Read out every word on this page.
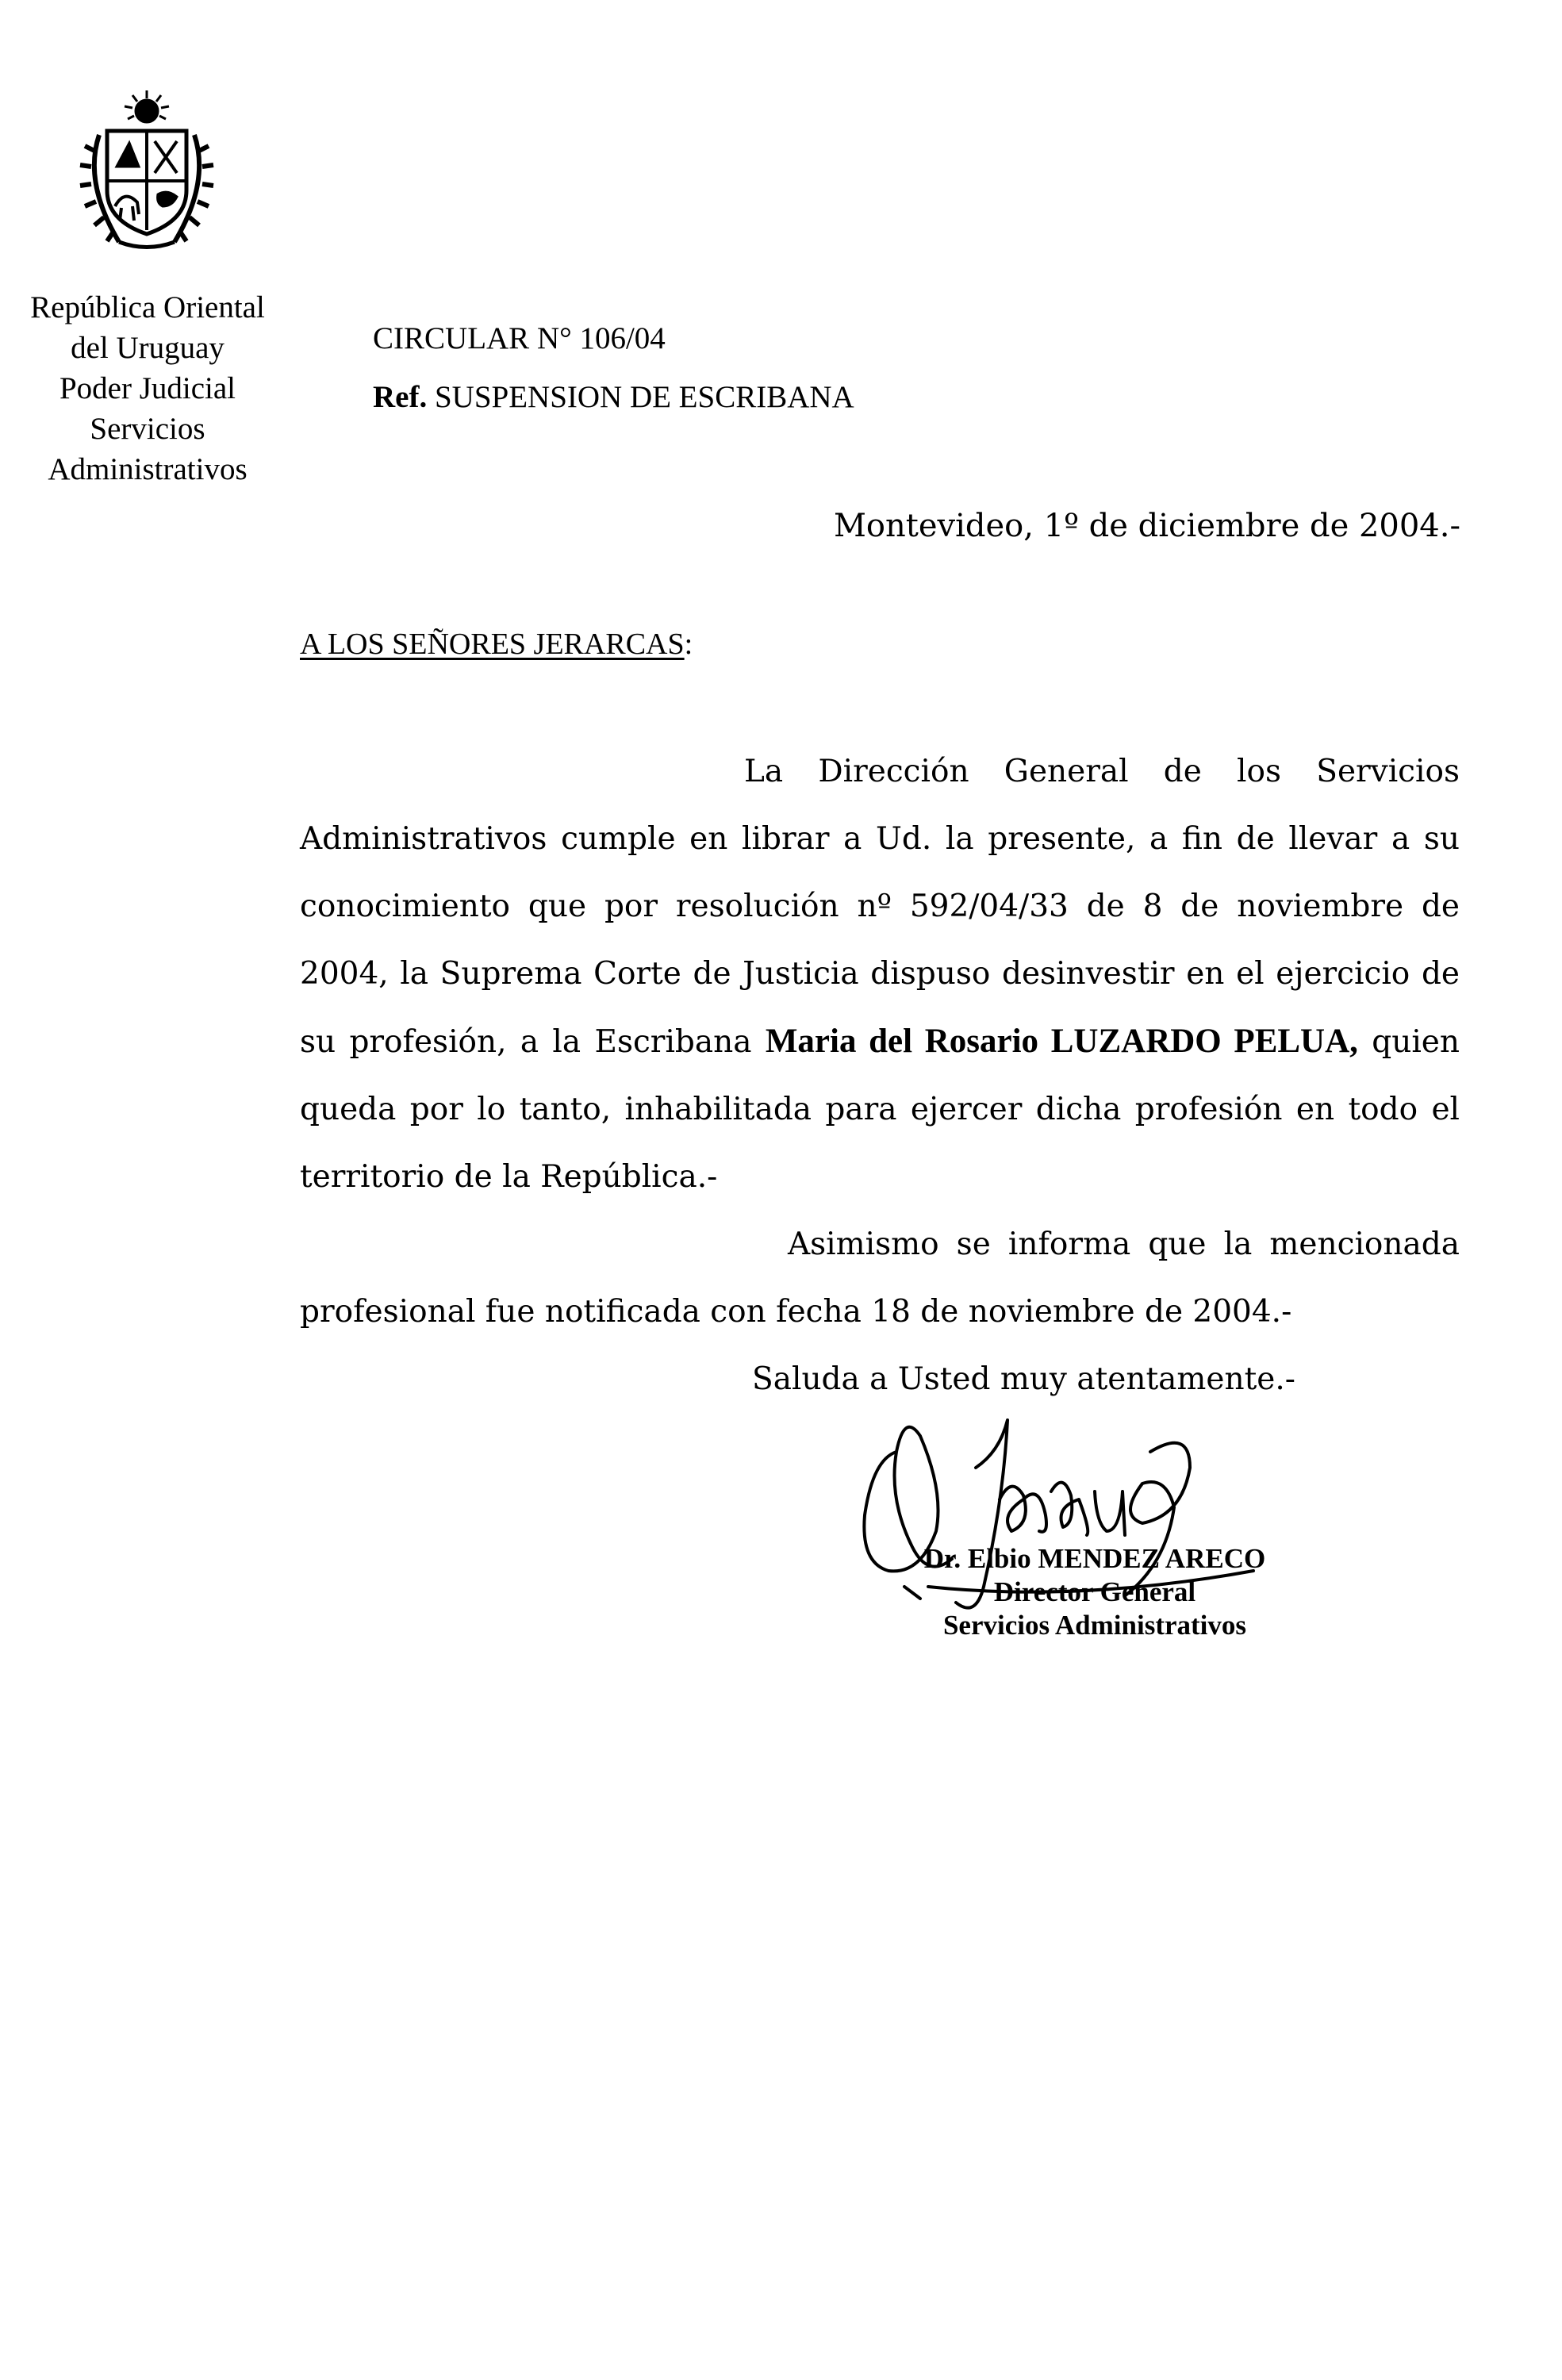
República Oriental
del Uruguay
Poder Judicial
Servicios
Administrativos
CIRCULAR N° 106/04
Ref. SUSPENSION DE ESCRIBANA
Montevideo, 1º de diciembre de 2004.-
A LOS SEÑORES JERARCAS:

La Dirección General de los Servicios Administrativos cumple en librar a Ud. la presente, a fin de llevar a su conocimiento que por resolución nº 592/04/33 de 8 de noviembre de 2004, la Suprema Corte de Justicia dispuso desinvestir en el ejercicio de su profesión, a la Escribana Maria del Rosario LUZARDO PELUA, quien queda por lo tanto, inhabilitada para ejercer dicha profesión en todo el territorio de la República.-

Asimismo se informa que la mencionada profesional fue notificada con fecha 18 de noviembre de 2004.-

Saluda a Usted muy atentamente.-

Dr. Elbio MENDEZ ARECO
Director General
Servicios Administrativos
